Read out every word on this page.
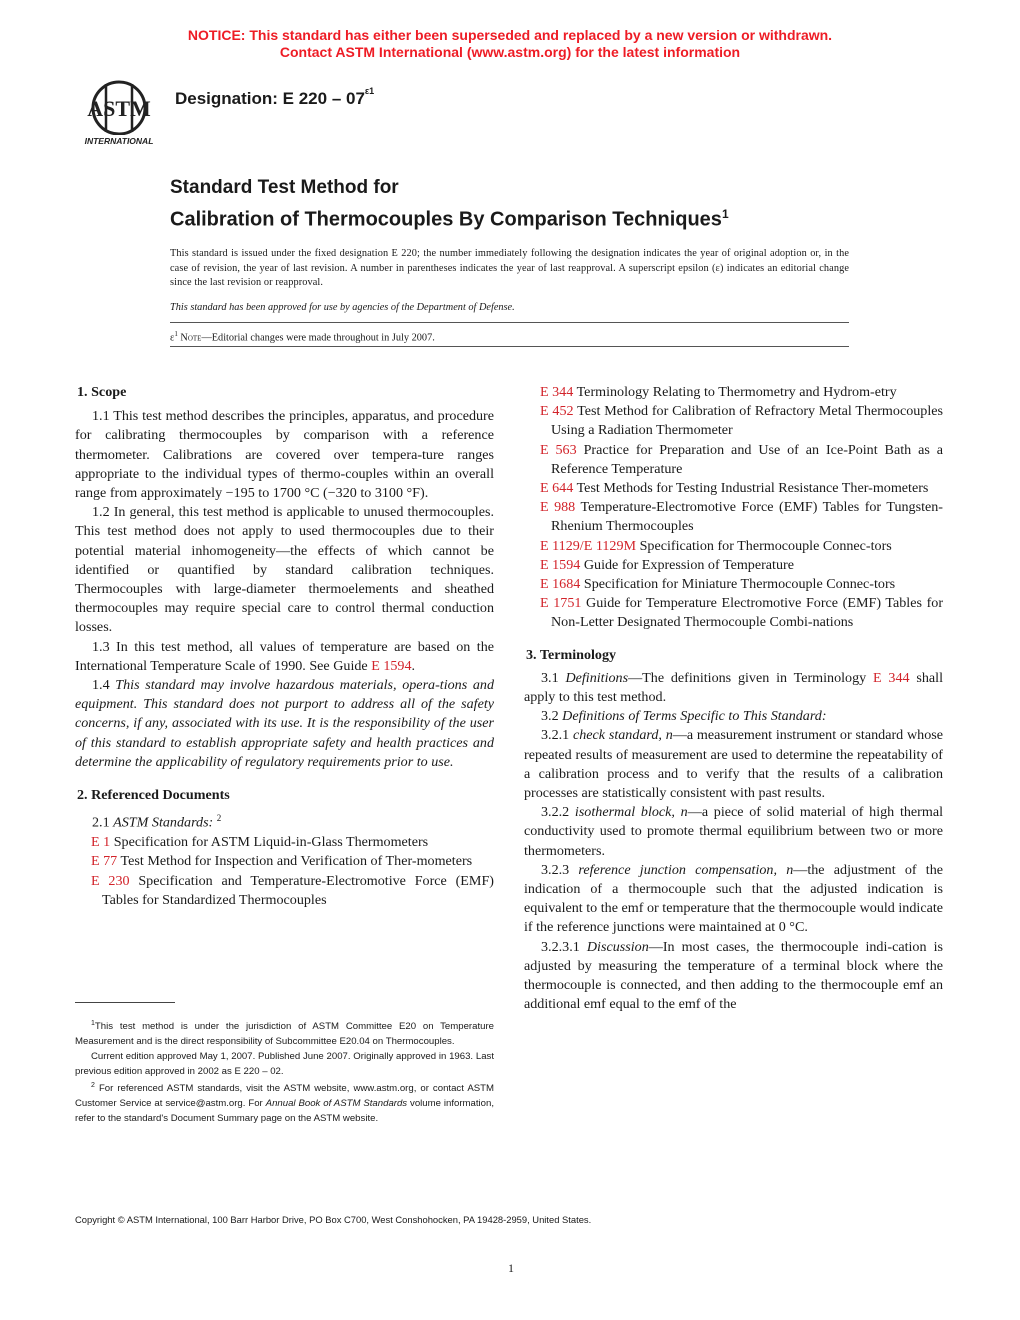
NOTICE: This standard has either been superseded and replaced by a new version or withdrawn.
Contact ASTM International (www.astm.org) for the latest information
ASTM
INTERNATIONAL
Designation: E $220 - 07^{\varepsilon 1}$
Standard Test Method for
Calibration of Thermocouples By Comparison Techniques$^1$
This standard is issued under the fixed designation E 220; the number immediately following the designation indicates the year of original adoption or, in the case of revision, the year of last revision. A number in parentheses indicates the year of last reapproval. A superscript epsilon (ε) indicates an editorial change since the last revision or reapproval.
This standard has been approved for use by agencies of the Department of Defense.
$\varepsilon^1$ Note—Editorial changes were made throughout in July 2007.

1. Scope

1.1 This test method describes the principles, apparatus, and procedure for calibrating thermocouples by comparison with a reference thermometer. Calibrations are covered over tempera-ture ranges appropriate to the individual types of thermo-couples within an overall range from approximately −195 to 1700 °C (−320 to 3100 °F).

1.2 In general, this test method is applicable to unused thermocouples. This test method does not apply to used thermocouples due to their potential material inhomogeneity—the effects of which cannot be identified or quantified by standard calibration techniques. Thermocouples with large-diameter thermoelements and sheathed thermocouples may require special care to control thermal conduction losses.

1.3 In this test method, all values of temperature are based on the International Temperature Scale of 1990. See Guide E 1594.

1.4 This standard may involve hazardous materials, opera-tions and equipment. This standard does not purport to address all of the safety concerns, if any, associated with its use. It is the responsibility of the user of this standard to establish appropriate safety and health practices and determine the applicability of regulatory requirements prior to use.

2. Referenced Documents

2.1 ASTM Standards: $^2$

E 1 Specification for ASTM Liquid-in-Glass Thermometers

E 77 Test Method for Inspection and Verification of Ther-mometers

E 230 Specification and Temperature-Electromotive Force (EMF) Tables for Standardized Thermocouples

$^1$This test method is under the jurisdiction of ASTM Committee E20 on Temperature Measurement and is the direct responsibility of Subcommittee E20.04 on Thermocouples.

Current edition approved May 1, 2007. Published June 2007. Originally approved in 1963. Last previous edition approved in 2002 as E 220 – 02.

$^2$ For referenced ASTM standards, visit the ASTM website, www.astm.org, or contact ASTM Customer Service at service@astm.org. For Annual Book of ASTM Standards volume information, refer to the standard's Document Summary page on the ASTM website.

E 344 Terminology Relating to Thermometry and Hydrom-etry

E 452 Test Method for Calibration of Refractory Metal Thermocouples Using a Radiation Thermometer

E 563 Practice for Preparation and Use of an Ice-Point Bath as a Reference Temperature

E 644 Test Methods for Testing Industrial Resistance Ther-mometers

E 988 Temperature-Electromotive Force (EMF) Tables for Tungsten-Rhenium Thermocouples

E 1129/E 1129M Specification for Thermocouple Connec-tors

E 1594 Guide for Expression of Temperature

E 1684 Specification for Miniature Thermocouple Connec-tors

E 1751 Guide for Temperature Electromotive Force (EMF) Tables for Non-Letter Designated Thermocouple Combi-nations

3. Terminology

3.1 Definitions—The definitions given in Terminology E 344 shall apply to this test method.

3.2 Definitions of Terms Specific to This Standard:

3.2.1 check standard, n—a measurement instrument or standard whose repeated results of measurement are used to determine the repeatability of a calibration process and to verify that the results of a calibration processes are statistically consistent with past results.

3.2.2 isothermal block, n—a piece of solid material of high thermal conductivity used to promote thermal equilibrium between two or more thermometers.

3.2.3 reference junction compensation, n—the adjustment of the indication of a thermocouple such that the adjusted indication is equivalent to the emf or temperature that the thermocouple would indicate if the reference junctions were maintained at 0 °C.

3.2.3.1 Discussion—In most cases, the thermocouple indi-cation is adjusted by measuring the temperature of a terminal block where the thermocouple is connected, and then adding to the thermocouple emf an additional emf equal to the emf of the

Copyright © ASTM International, 100 Barr Harbor Drive, PO Box C700, West Conshohocken, PA 19428-2959, United States.
1
